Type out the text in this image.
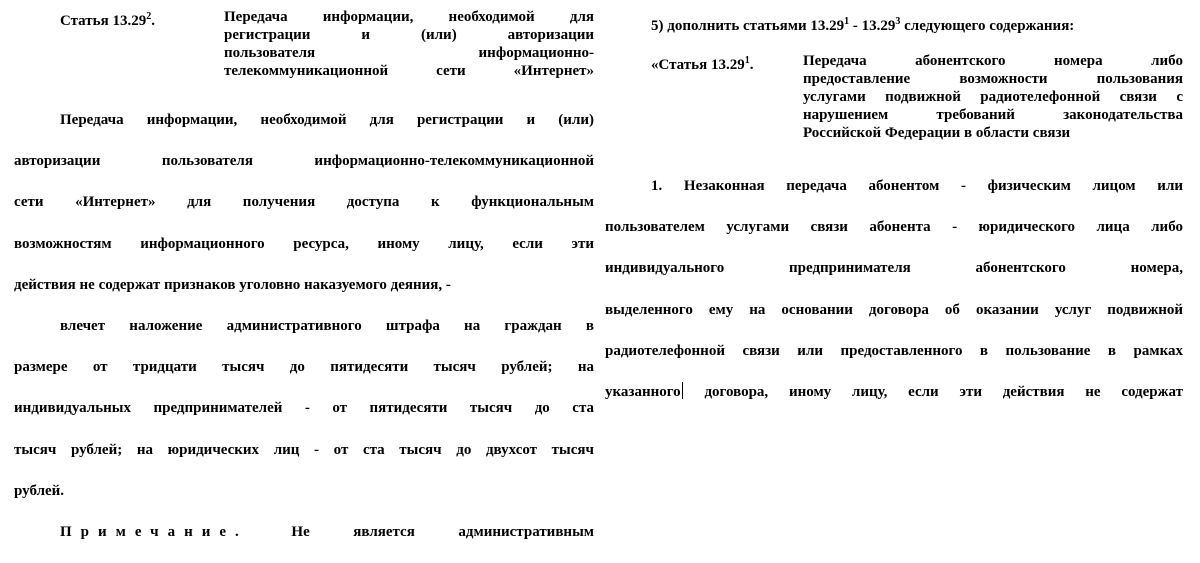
Статья 13.29$^2$.	Передача информации, необходимой для
регистрации и (или) авторизации
пользователя информационно-
телекоммуникационной сети «Интернет»
Передача информации, необходимой для регистрации и (или)
авторизации пользователя информационно-телекоммуникационной
сети «Интернет» для получения доступа к функциональным
возможностям информационного ресурса, иному лицу, если эти
действия не содержат признаков уголовно наказуемого деяния, -
влечет наложение административного штрафа на граждан в
размере от тридцати тысяч до пятидесяти тысяч рублей; на
индивидуальных предпринимателей - от пятидесяти тысяч до ста
тысяч рублей; на юридических лиц - от ста тысяч до двухсот тысяч
рублей.
Примечание. Не является административным
5) дополнить статьями 13.29$^1$ - 13.29$^3$ следующего содержания:
«Статья 13.29$^1$.	Передача абонентского номера либо
предоставление возможности пользования
услугами подвижной радиотелефонной связи с
нарушением требований законодательства
Российской Федерации в области связи
1. Незаконная передача абонентом - физическим лицом или
пользователем услугами связи абонента - юридического лица либо
индивидуального предпринимателя абонентского номера,
выделенного ему на основании договора об оказании услуг подвижной
радиотелефонной связи или предоставленного в пользование в рамках
указанного договора, иному лицу, если эти действия не содержат
